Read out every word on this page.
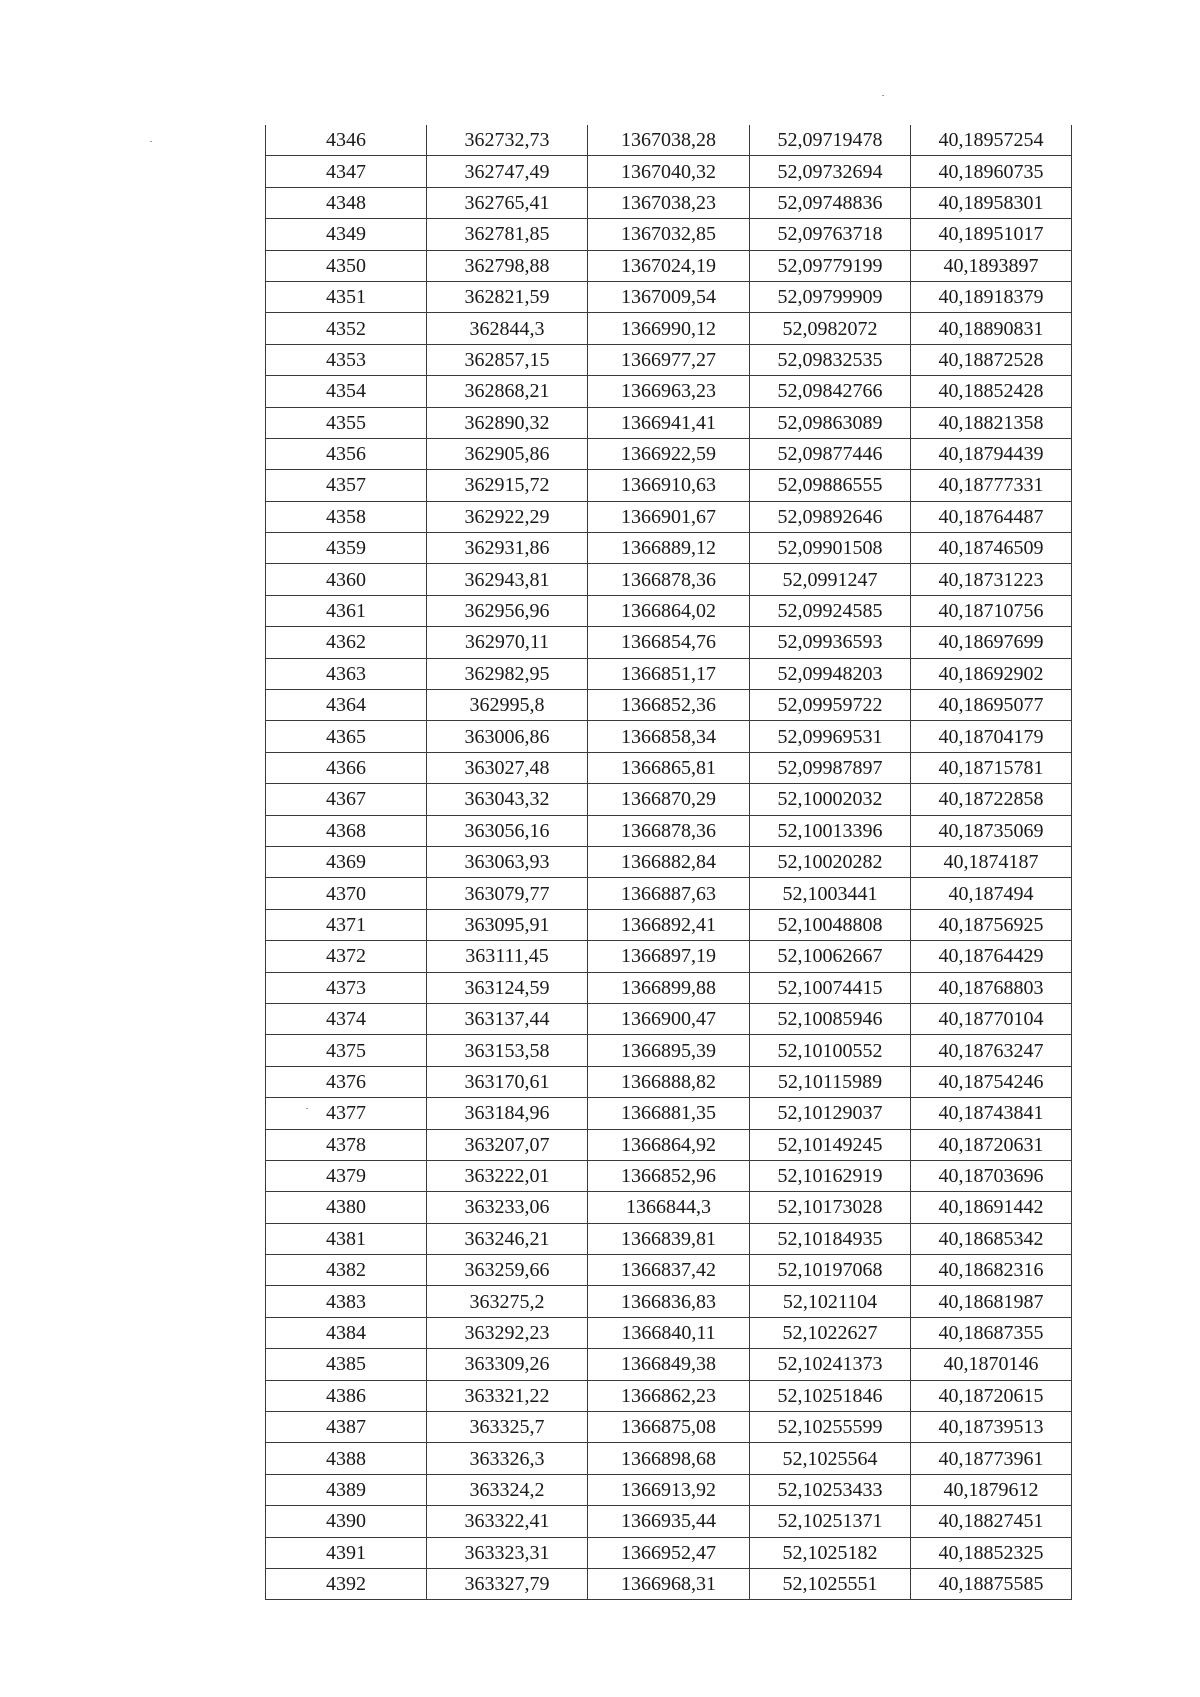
4346	362732,73	1367038,28	52,09719478	40,18957254
4347	362747,49	1367040,32	52,09732694	40,18960735
4348	362765,41	1367038,23	52,09748836	40,18958301
4349	362781,85	1367032,85	52,09763718	40,18951017
4350	362798,88	1367024,19	52,09779199	40,1893897
4351	362821,59	1367009,54	52,09799909	40,18918379
4352	362844,3	1366990,12	52,0982072	40,18890831
4353	362857,15	1366977,27	52,09832535	40,18872528
4354	362868,21	1366963,23	52,09842766	40,18852428
4355	362890,32	1366941,41	52,09863089	40,18821358
4356	362905,86	1366922,59	52,09877446	40,18794439
4357	362915,72	1366910,63	52,09886555	40,18777331
4358	362922,29	1366901,67	52,09892646	40,18764487
4359	362931,86	1366889,12	52,09901508	40,18746509
4360	362943,81	1366878,36	52,0991247	40,18731223
4361	362956,96	1366864,02	52,09924585	40,18710756
4362	362970,11	1366854,76	52,09936593	40,18697699
4363	362982,95	1366851,17	52,09948203	40,18692902
4364	362995,8	1366852,36	52,09959722	40,18695077
4365	363006,86	1366858,34	52,09969531	40,18704179
4366	363027,48	1366865,81	52,09987897	40,18715781
4367	363043,32	1366870,29	52,10002032	40,18722858
4368	363056,16	1366878,36	52,10013396	40,18735069
4369	363063,93	1366882,84	52,10020282	40,1874187
4370	363079,77	1366887,63	52,1003441	40,187494
4371	363095,91	1366892,41	52,10048808	40,18756925
4372	363111,45	1366897,19	52,10062667	40,18764429
4373	363124,59	1366899,88	52,10074415	40,18768803
4374	363137,44	1366900,47	52,10085946	40,18770104
4375	363153,58	1366895,39	52,10100552	40,18763247
4376	363170,61	1366888,82	52,10115989	40,18754246
4377	363184,96	1366881,35	52,10129037	40,18743841
4378	363207,07	1366864,92	52,10149245	40,18720631
4379	363222,01	1366852,96	52,10162919	40,18703696
4380	363233,06	1366844,3	52,10173028	40,18691442
4381	363246,21	1366839,81	52,10184935	40,18685342
4382	363259,66	1366837,42	52,10197068	40,18682316
4383	363275,2	1366836,83	52,1021104	40,18681987
4384	363292,23	1366840,11	52,1022627	40,18687355
4385	363309,26	1366849,38	52,10241373	40,1870146
4386	363321,22	1366862,23	52,10251846	40,18720615
4387	363325,7	1366875,08	52,10255599	40,18739513
4388	363326,3	1366898,68	52,1025564	40,18773961
4389	363324,2	1366913,92	52,10253433	40,1879612
4390	363322,41	1366935,44	52,10251371	40,18827451
4391	363323,31	1366952,47	52,1025182	40,18852325
4392	363327,79	1366968,31	52,1025551	40,18875585
